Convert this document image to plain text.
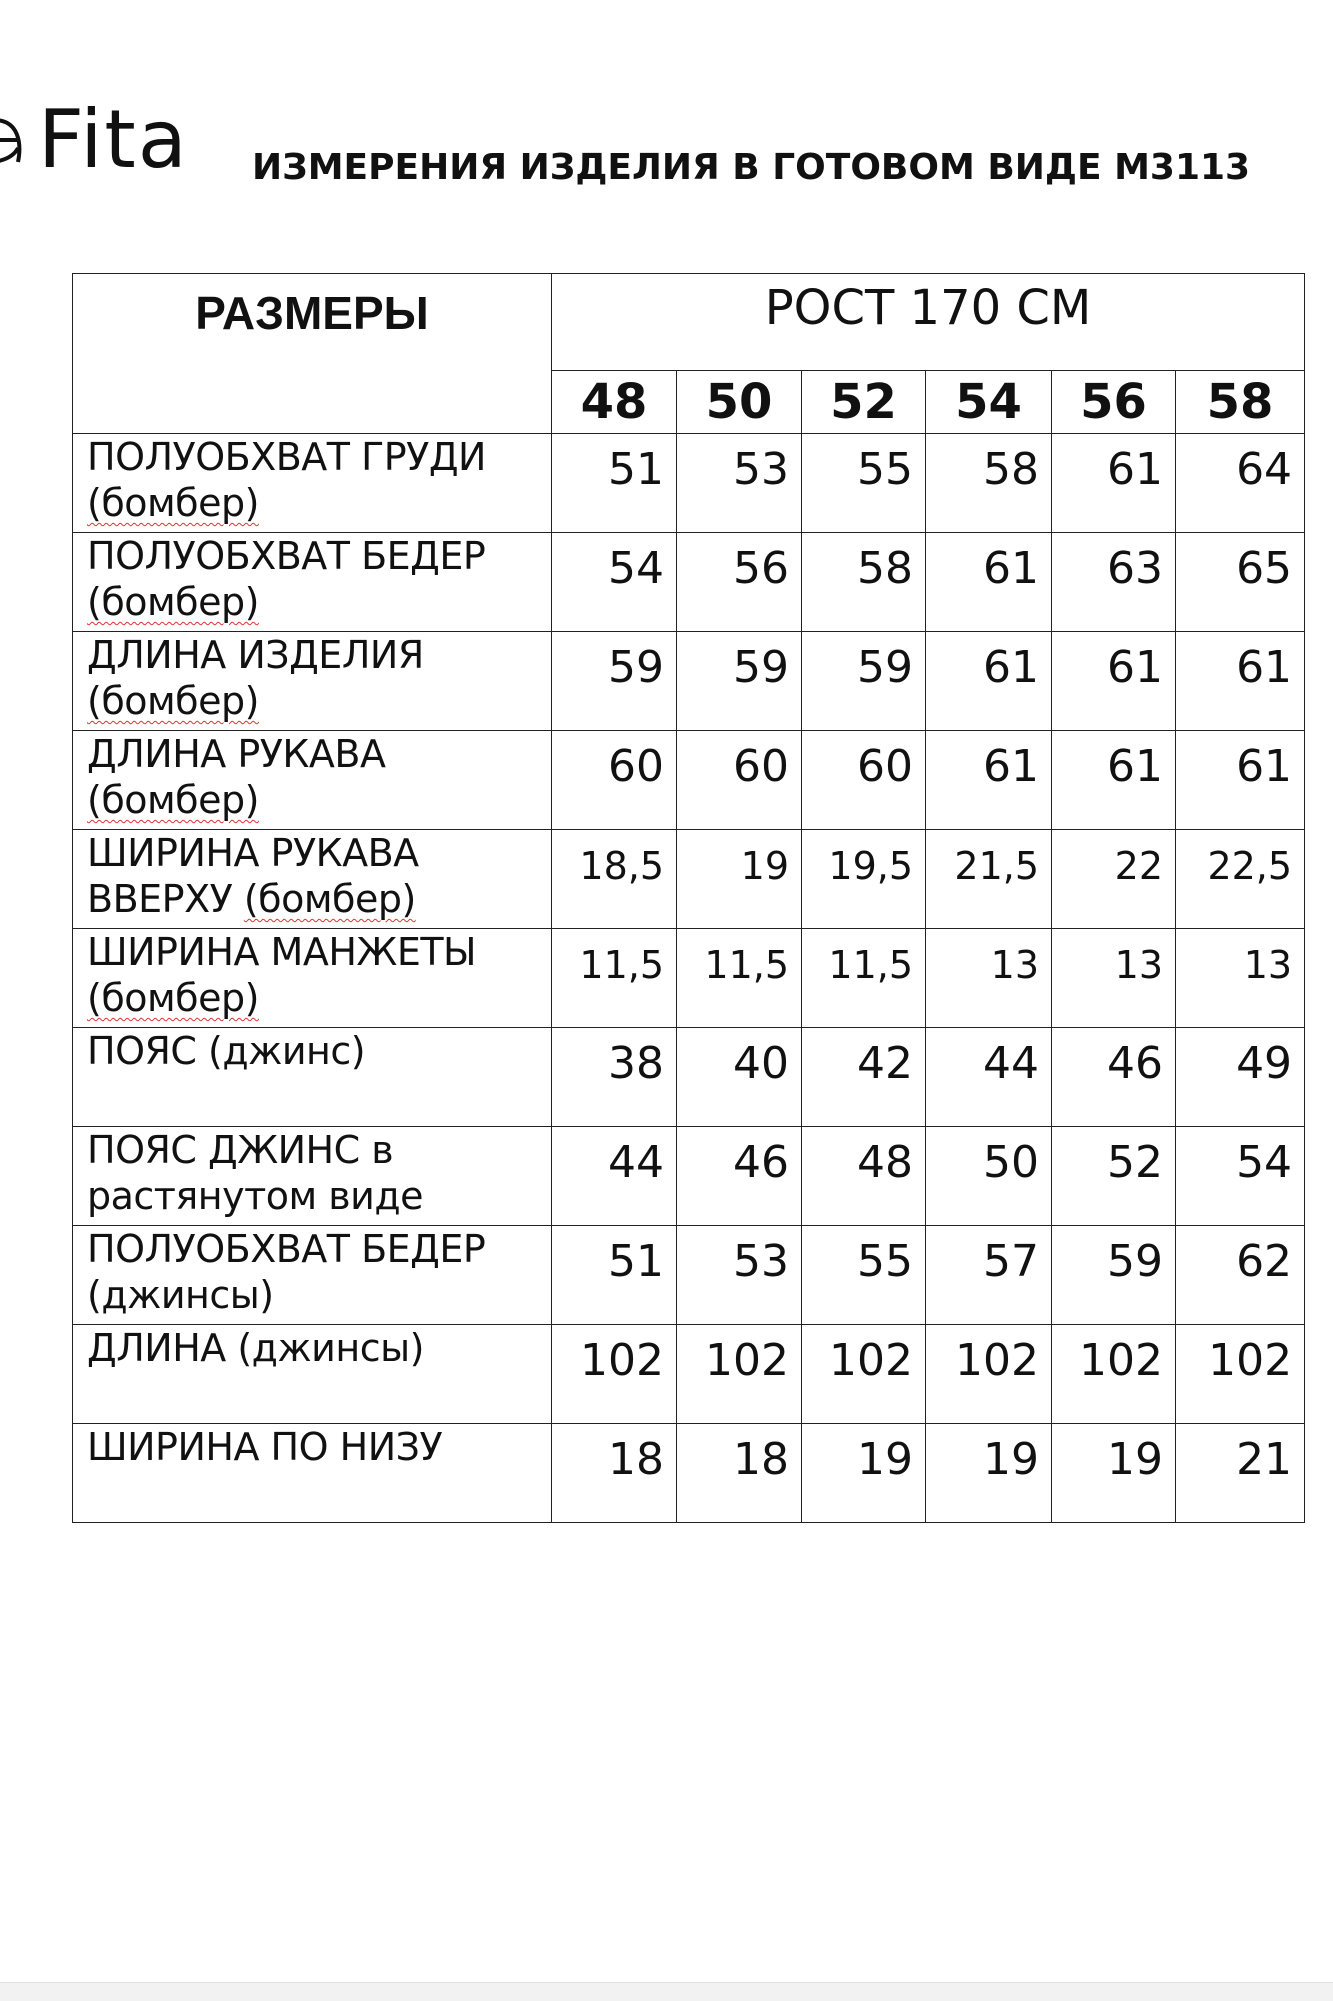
Fita ИЗМЕРЕНИЯ ИЗДЕЛИЯ В ГОТОВОМ ВИДЕ М3113
РАЗМЕРЫ	РОСТ 170 СМ					
	48	50	52	54	56	58

ПОЛУОБХВАТ ГРУДИ
(бомбер)	51	53	55	58	61	64

ПОЛУОБХВАТ БЕДЕР
(бомбер)	54	56	58	61	63	65

ДЛИНА ИЗДЕЛИЯ
(бомбер)	59	59	59	61	61	61

ДЛИНА РУКАВА
(бомбер)	60	60	60	61	61	61

ШИРИНА РУКАВА
ВВЕРХУ (бомбер)	18,5	19	19,5	21,5	22	22,5

ШИРИНА МАНЖЕТЫ
(бомбер)	11,5	11,5	11,5	13	13	13

ПОЯС (джинс)	38	40	42	44	46	49

ПОЯС ДЖИНС в
растянутом виде	44	46	48	50	52	54

ПОЛУОБХВАТ БЕДЕР
(джинсы)	51	53	55	57	59	62

ДЛИНА (джинсы)	102	102	102	102	102	102

ШИРИНА ПО НИЗУ	18	18	19	19	19	21
